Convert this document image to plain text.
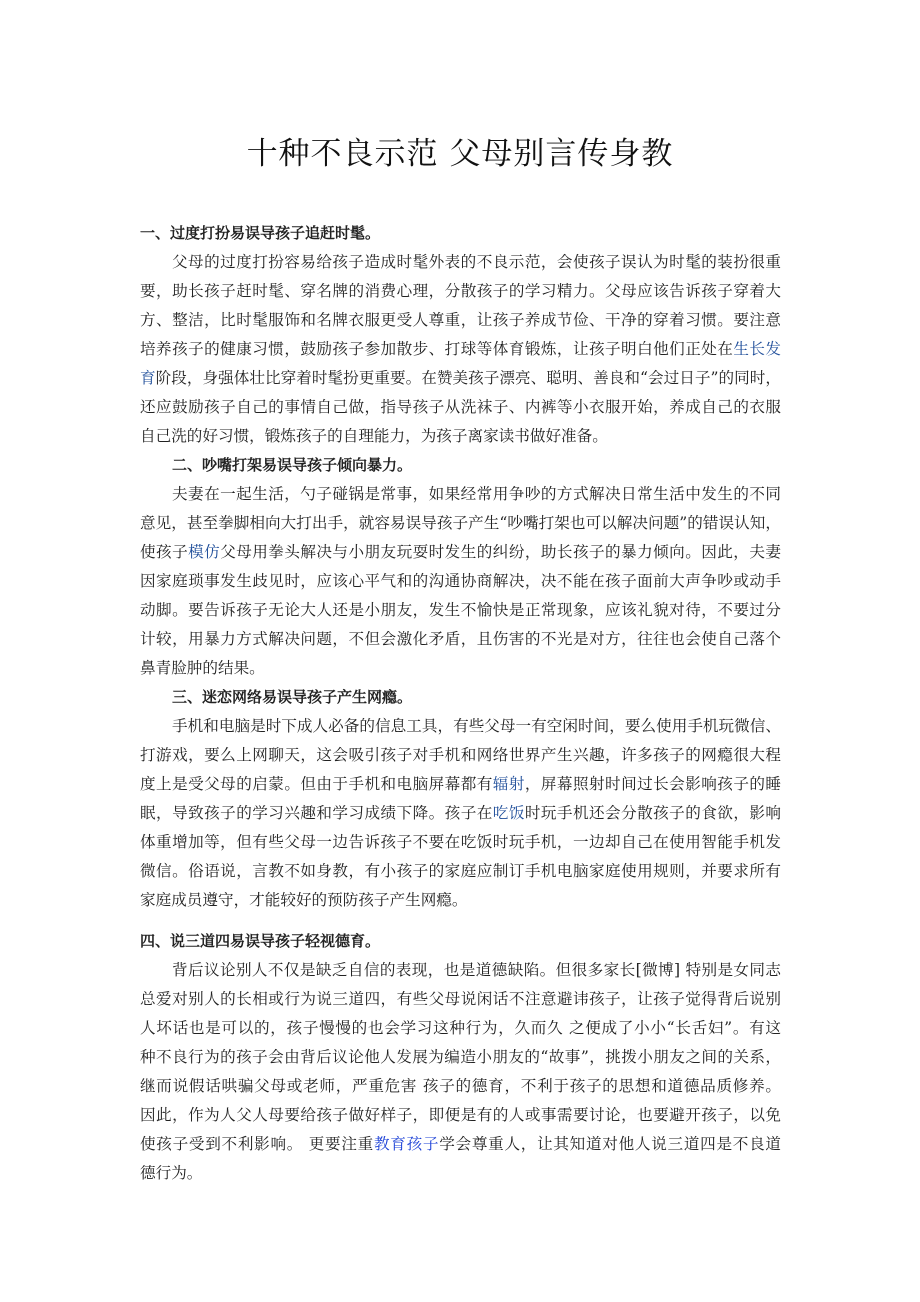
十种不良示范 父母别言传身教
一、过度打扮易误导孩子追赶时髦。
父母的过度打扮容易给孩子造成时髦外表的不良示范，会使孩子误认为时髦的装扮很重
要，助长孩子赶时髦、穿名牌的消费心理，分散孩子的学习精力。父母应该告诉孩子穿着大
方、整洁，比时髦服饰和名牌衣服更受人尊重，让孩子养成节俭、干净的穿着习惯。要注意
培养孩子的健康习惯，鼓励孩子参加散步、打球等体育锻炼，让孩子明白他们正处在生长发
育阶段，身强体壮比穿着时髦扮更重要。在赞美孩子漂亮、聪明、善良和“会过日子”的同时，
还应鼓励孩子自己的事情自己做，指导孩子从洗袜子、内裤等小衣服开始，养成自己的衣服
自己洗的好习惯，锻炼孩子的自理能力，为孩子离家读书做好准备。
二、吵嘴打架易误导孩子倾向暴力。
夫妻在一起生活，勺子碰锅是常事，如果经常用争吵的方式解决日常生活中发生的不同
意见，甚至拳脚相向大打出手，就容易误导孩子产生“吵嘴打架也可以解决问题”的错误认知，
使孩子模仿父母用拳头解决与小朋友玩耍时发生的纠纷，助长孩子的暴力倾向。因此，夫妻
因家庭琐事发生歧见时，应该心平气和的沟通协商解决，决不能在孩子面前大声争吵或动手
动脚。要告诉孩子无论大人还是小朋友，发生不愉快是正常现象，应该礼貌对待，不要过分
计较，用暴力方式解决问题，不但会激化矛盾，且伤害的不光是对方，往往也会使自己落个
鼻青脸肿的结果。
三、迷恋网络易误导孩子产生网瘾。
手机和电脑是时下成人必备的信息工具，有些父母一有空闲时间，要么使用手机玩微信、
打游戏，要么上网聊天，这会吸引孩子对手机和网络世界产生兴趣，许多孩子的网瘾很大程
度上是受父母的启蒙。但由于手机和电脑屏幕都有辐射，屏幕照射时间过长会影响孩子的睡
眠，导致孩子的学习兴趣和学习成绩下降。孩子在吃饭时玩手机还会分散孩子的食欲，影响
体重增加等，但有些父母一边告诉孩子不要在吃饭时玩手机，一边却自己在使用智能手机发
微信。俗语说，言教不如身教，有小孩子的家庭应制订手机电脑家庭使用规则，并要求所有
家庭成员遵守，才能较好的预防孩子产生网瘾。
四、说三道四易误导孩子轻视德育。
背后议论别人不仅是缺乏自信的表现，也是道德缺陷。但很多家长[微博] 特别是女同志
总爱对别人的长相或行为说三道四，有些父母说闲话不注意避讳孩子，让孩子觉得背后说别
人坏话也是可以的，孩子慢慢的也会学习这种行为，久而久 之便成了小小“长舌妇”。有这
种不良行为的孩子会由背后议论他人发展为编造小朋友的“故事”，挑拨小朋友之间的关系，
继而说假话哄骗父母或老师，严重危害 孩子的德育，不利于孩子的思想和道德品质修养。
因此，作为人父人母要给孩子做好样子，即便是有的人或事需要讨论，也要避开孩子，以免
使孩子受到不利影响。 更要注重教育孩子学会尊重人，让其知道对他人说三道四是不良道
德行为。
